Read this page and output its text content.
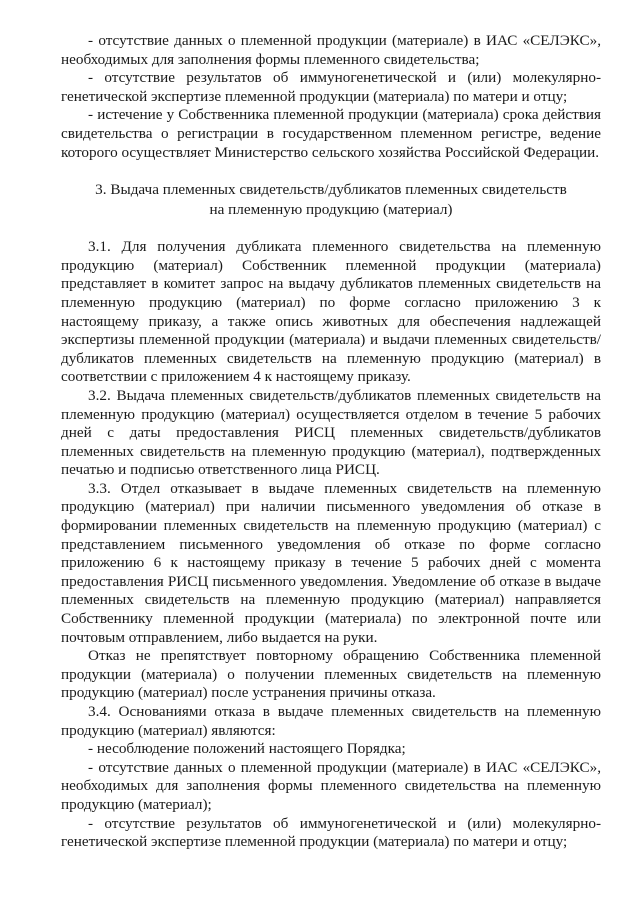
- отсутствие данных о племенной продукции (материале) в ИАС «СЕЛЭКС», необходимых для заполнения формы племенного свидетельства;

- отсутствие результатов об иммуногенетической и (или) молекулярно-генетической экспертизе племенной продукции (материала) по матери и отцу;

- истечение у Собственника племенной продукции (материала) срока действия свидетельства о регистрации в государственном племенном регистре, ведение которого осуществляет Министерство сельского хозяйства Российской Федерации.

3. Выдача племенных свидетельств/дубликатов племенных свидетельств
на племенную продукцию (материал)

3.1. Для получения дубликата племенного свидетельства на племенную продукцию (материал) Собственник племенной продукции (материала) представляет в комитет запрос на выдачу дубликатов племенных свидетельств на племенную продукцию (материал) по форме согласно приложению 3 к настоящему приказу, а также опись животных для обеспечения надлежащей экспертизы племенной продукции (материала) и выдачи племенных свидетельств/дубликатов племенных свидетельств на племенную продукцию (материал) в соответствии с приложением 4 к настоящему приказу.

3.2. Выдача племенных свидетельств/дубликатов племенных свидетельств на племенную продукцию (материал) осуществляется отделом в течение 5 рабочих дней с даты предоставления РИСЦ племенных свидетельств/дубликатов племенных свидетельств на племенную продукцию (материал), подтвержденных печатью и подписью ответственного лица РИСЦ.

3.3. Отдел отказывает в выдаче племенных свидетельств на племенную продукцию (материал) при наличии письменного уведомления об отказе в формировании племенных свидетельств на племенную продукцию (материал) с представлением письменного уведомления об отказе по форме согласно приложению 6 к настоящему приказу в течение 5 рабочих дней с момента предоставления РИСЦ письменного уведомления. Уведомление об отказе в выдаче племенных свидетельств на племенную продукцию (материал) направляется Собственнику племенной продукции (материала) по электронной почте или почтовым отправлением, либо выдается на руки.

Отказ не препятствует повторному обращению Собственника племенной продукции (материала) о получении племенных свидетельств на племенную продукцию (материал) после устранения причины отказа.

3.4. Основаниями отказа в выдаче племенных свидетельств на племенную продукцию (материал) являются:

- несоблюдение положений настоящего Порядка;

- отсутствие данных о племенной продукции (материале) в ИАС «СЕЛЭКС», необходимых для заполнения формы племенного свидетельства на племенную продукцию (материал);

- отсутствие результатов об иммуногенетической и (или) молекулярно-генетической экспертизе племенной продукции (материала) по матери и отцу;
